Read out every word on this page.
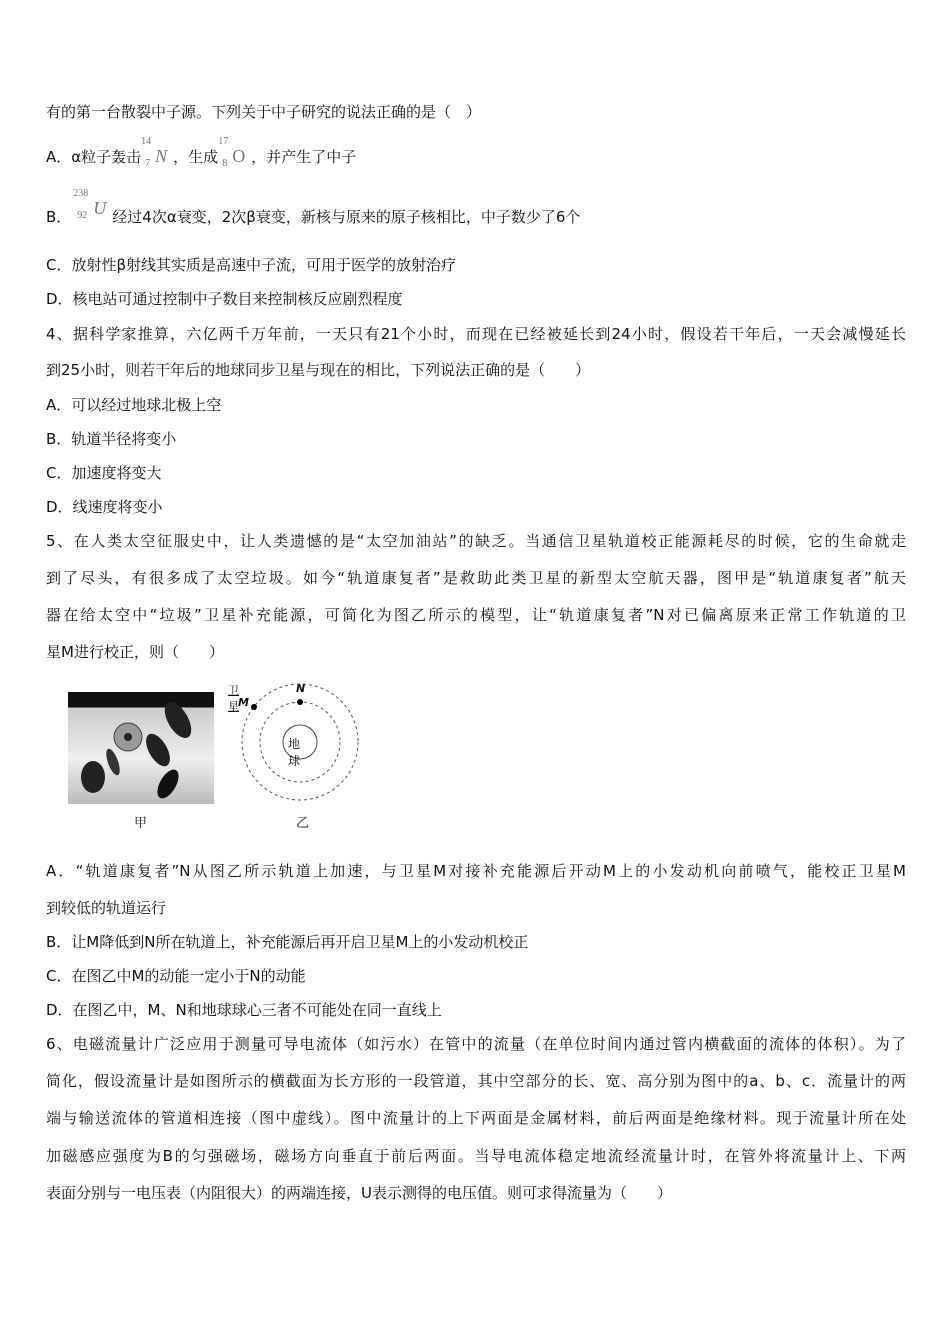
有的第一台散裂中子源。下列关于中子研究的说法正确的是（　）
A．α粒子轰击
14
7 N ，生成
17
8 O ，并产生了中子
B．
238
92 U 经过4次α衰变，2次β衰变，新核与原来的原子核相比，中子数少了6个
C．放射性β射线其实质是高速中子流，可用于医学的放射治疗
D．核电站可通过控制中子数目来控制核反应剧烈程度
4、据科学家推算，六亿两千万年前，一天只有21个小时，而现在已经被延长到24小时，假设若干年后，一天会减慢延长
到25小时，则若干年后的地球同步卫星与现在的相比，下列说法正确的是（　　）
A．可以经过地球北极上空
B．轨道半径将变小
C．加速度将变大
D．线速度将变小
5、在人类太空征服史中，让人类遗憾的是“太空加油站”的缺乏。当通信卫星轨道校正能源耗尽的时候，它的生命就走
到了尽头，有很多成了太空垃圾。如今“轨道康复者”是救助此类卫星的新型太空航天器，图甲是“轨道康复者”航天
器在给太空中“垃圾”卫星补充能源，可简化为图乙所示的模型，让“轨道康复者”N对已偏离原来正常工作轨道的卫
星M进行校正，则（　　）
甲
卫星 M
N
地球
乙
A．“轨道康复者”N从图乙所示轨道上加速，与卫星M对接补充能源后开动M上的小发动机向前喷气，能校正卫星M
到较低的轨道运行
B．让M降低到N所在轨道上，补充能源后再开启卫星M上的小发动机校正
C．在图乙中M的动能一定小于N的动能
D．在图乙中，M、N和地球球心三者不可能处在同一直线上
6、电磁流量计广泛应用于测量可导电流体（如污水）在管中的流量（在单位时间内通过管内横截面的流体的体积）。为了
简化，假设流量计是如图所示的横截面为长方形的一段管道，其中空部分的长、宽、高分别为图中的a、b、c．流量计的两
端与输送流体的管道相连接（图中虚线）。图中流量计的上下两面是金属材料，前后两面是绝缘材料。现于流量计所在处
加磁感应强度为B的匀强磁场，磁场方向垂直于前后两面。当导电流体稳定地流经流量计时，在管外将流量计上、下两
表面分别与一电压表（内阻很大）的两端连接，U表示测得的电压值。则可求得流量为（　　）
